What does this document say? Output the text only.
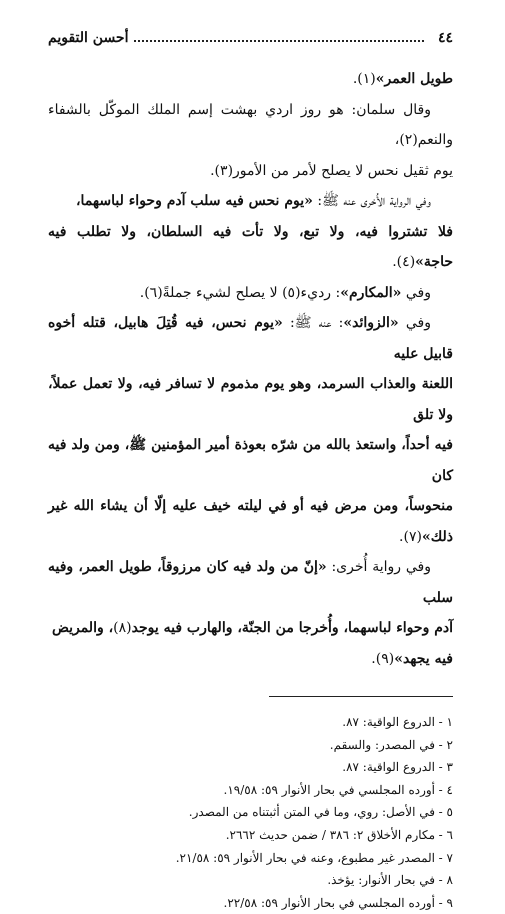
٤٤
أحسن التقويم

طويل العمر»(١).

وقال سلمان: هو روز اردي بهشت إسم الملك الموكّل بالشفاء والنعم(٢)،

يوم ثقيل نحس لا يصلح لأمر من الأمور(٣).

وفي الرواية الأُخرى عنه ﷺ: «يوم نحس فيه سلب آدم وحواء لباسهما،

فلا تشتروا فيه، ولا تبع، ولا تأت فيه السلطان، ولا تطلب فيه حاجة»(٤).

وفي «المكارم»: رديء(٥) لا يصلح لشيء جملةً(٦).

وفي «الزوائد»: عنه ﷺ: «يوم نحس، فيه قُتِلَ هابيل، قتله أخوه قابيل عليه

اللعنة والعذاب السرمد، وهو يوم مذموم لا تسافر فيه، ولا تعمل عملاً، ولا تلق

فيه أحداً، واستعذ بالله من شرّه بعوذة أمير المؤمنين ﷺ، ومن ولد فيه كان

منحوساً، ومن مرض فيه أو في ليلته خيف عليه إلّا أن يشاء الله غير ذلك»(٧).

وفي رواية أُخرى: «إنّ من ولد فيه كان مرزوقاً، طويل العمر، وفيه سلب

آدم وحواء لباسهما، وأُخرجا من الجنّة، والهارب فيه يوجد(٨)، والمريض

فيه يجهد»(٩).

١ -
الدروع الواقية: ٨٧.
٢ -
في المصدر: والسقم.
٣ -
الدروع الواقية: ٨٧.
٤ -
أورده المجلسي في بحار الأنوار ٥٩: ١٩/٥٨.
٥ -
في الأصل: روي، وما في المتن أثبتناه من المصدر.
٦ -
مكارم الأخلاق ٢: ٣٨٦ / ضمن حديث ٢٦٦٢.
٧ -
المصدر غير مطبوع، وعنه في بحار الأنوار ٥٩: ٢١/٥٨.
٨ -
في بحار الأنوار: يؤخذ.
٩ -
أورده المجلسي في بحار الأنوار ٥٩: ٢٢/٥٨.
